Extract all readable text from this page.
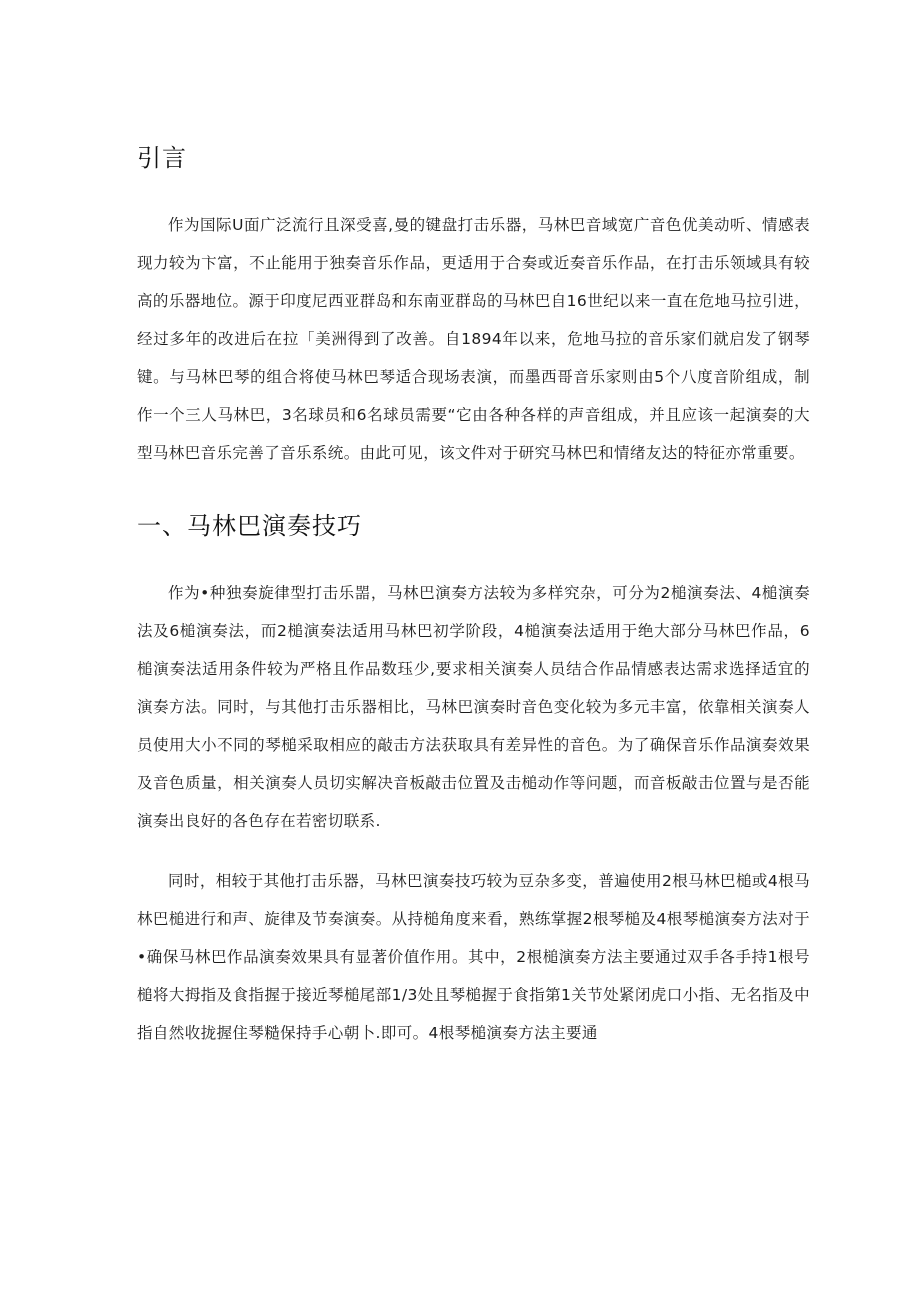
引言

作为国际U面广泛流行且深受喜,曼的键盘打击乐器，马林巴音域宽广音色优美动听、情感表现力较为卞富，不止能用于独奏音乐作品，更适用于合奏或近奏音乐作品，在打击乐领域具有较高的乐器地位。源于印度尼西亚群岛和东南亚群岛的马林巴自16世纪以来一直在危地马拉引进，经过多年的改进后在拉「美洲得到了改善。自1894年以来，危地马拉的音乐家们就启发了钢琴键。与马林巴琴的组合将使马林巴琴适合现场表演，而墨西哥音乐家则由5个八度音阶组成，制作一个三人马林巴，3名球员和6名球员需要“它由各种各样的声音组成，并且应该一起演奏的大型马林巴音乐完善了音乐系统。由此可见，该文件对于研究马林巴和情绪友达的特征亦常重要。

一、马林巴演奏技巧

作为•种独奏旋律型打击乐噐，马林巴演奏方法较为多样究杂，可分为2槌演奏法、4槌演奏法及6槌演奏法，而2槌演奏法适用马林巴初学阶段，4槌演奏法适用于绝大部分马林巴作品，6槌演奏法适用条件较为严格且作品数珏少,要求相关演奏人员结合作品情感表达需求选择适宜的演奏方法。同时，与其他打击乐器相比，马林巴演奏时音色变化较为多元丰富，依靠相关演奏人员使用大小不同的琴槌采取相应的敲击方法获取具有差异性的音色。为了确保音乐作品演奏效果及音色质量，相关演奏人员切实解决音板敲击位置及击槌动作等问题，而音板敲击位置与是否能演奏出良好的各色存在若密切联系.

同时，相较于其他打击乐器，马林巴演奏技巧较为豆杂多变，普遍使用2根马林巴槌或4根马林巴槌进行和声、旋律及节奏演奏。从持槌角度来看，熟练掌握2根琴槌及4根琴槌演奏方法对于•确保马林巴作品演奏效果具有显著价值作用。其中，2根槌演奏方法主要通过双手各手持1根号槌将大拇指及食指握于接近琴槌尾部1/3处且琴槌握于食指第1关节处紧闭虎口小指、无名指及中指自然收拢握住琴糙保持手心朝卜.即可。4根琴槌演奏方法主要通
